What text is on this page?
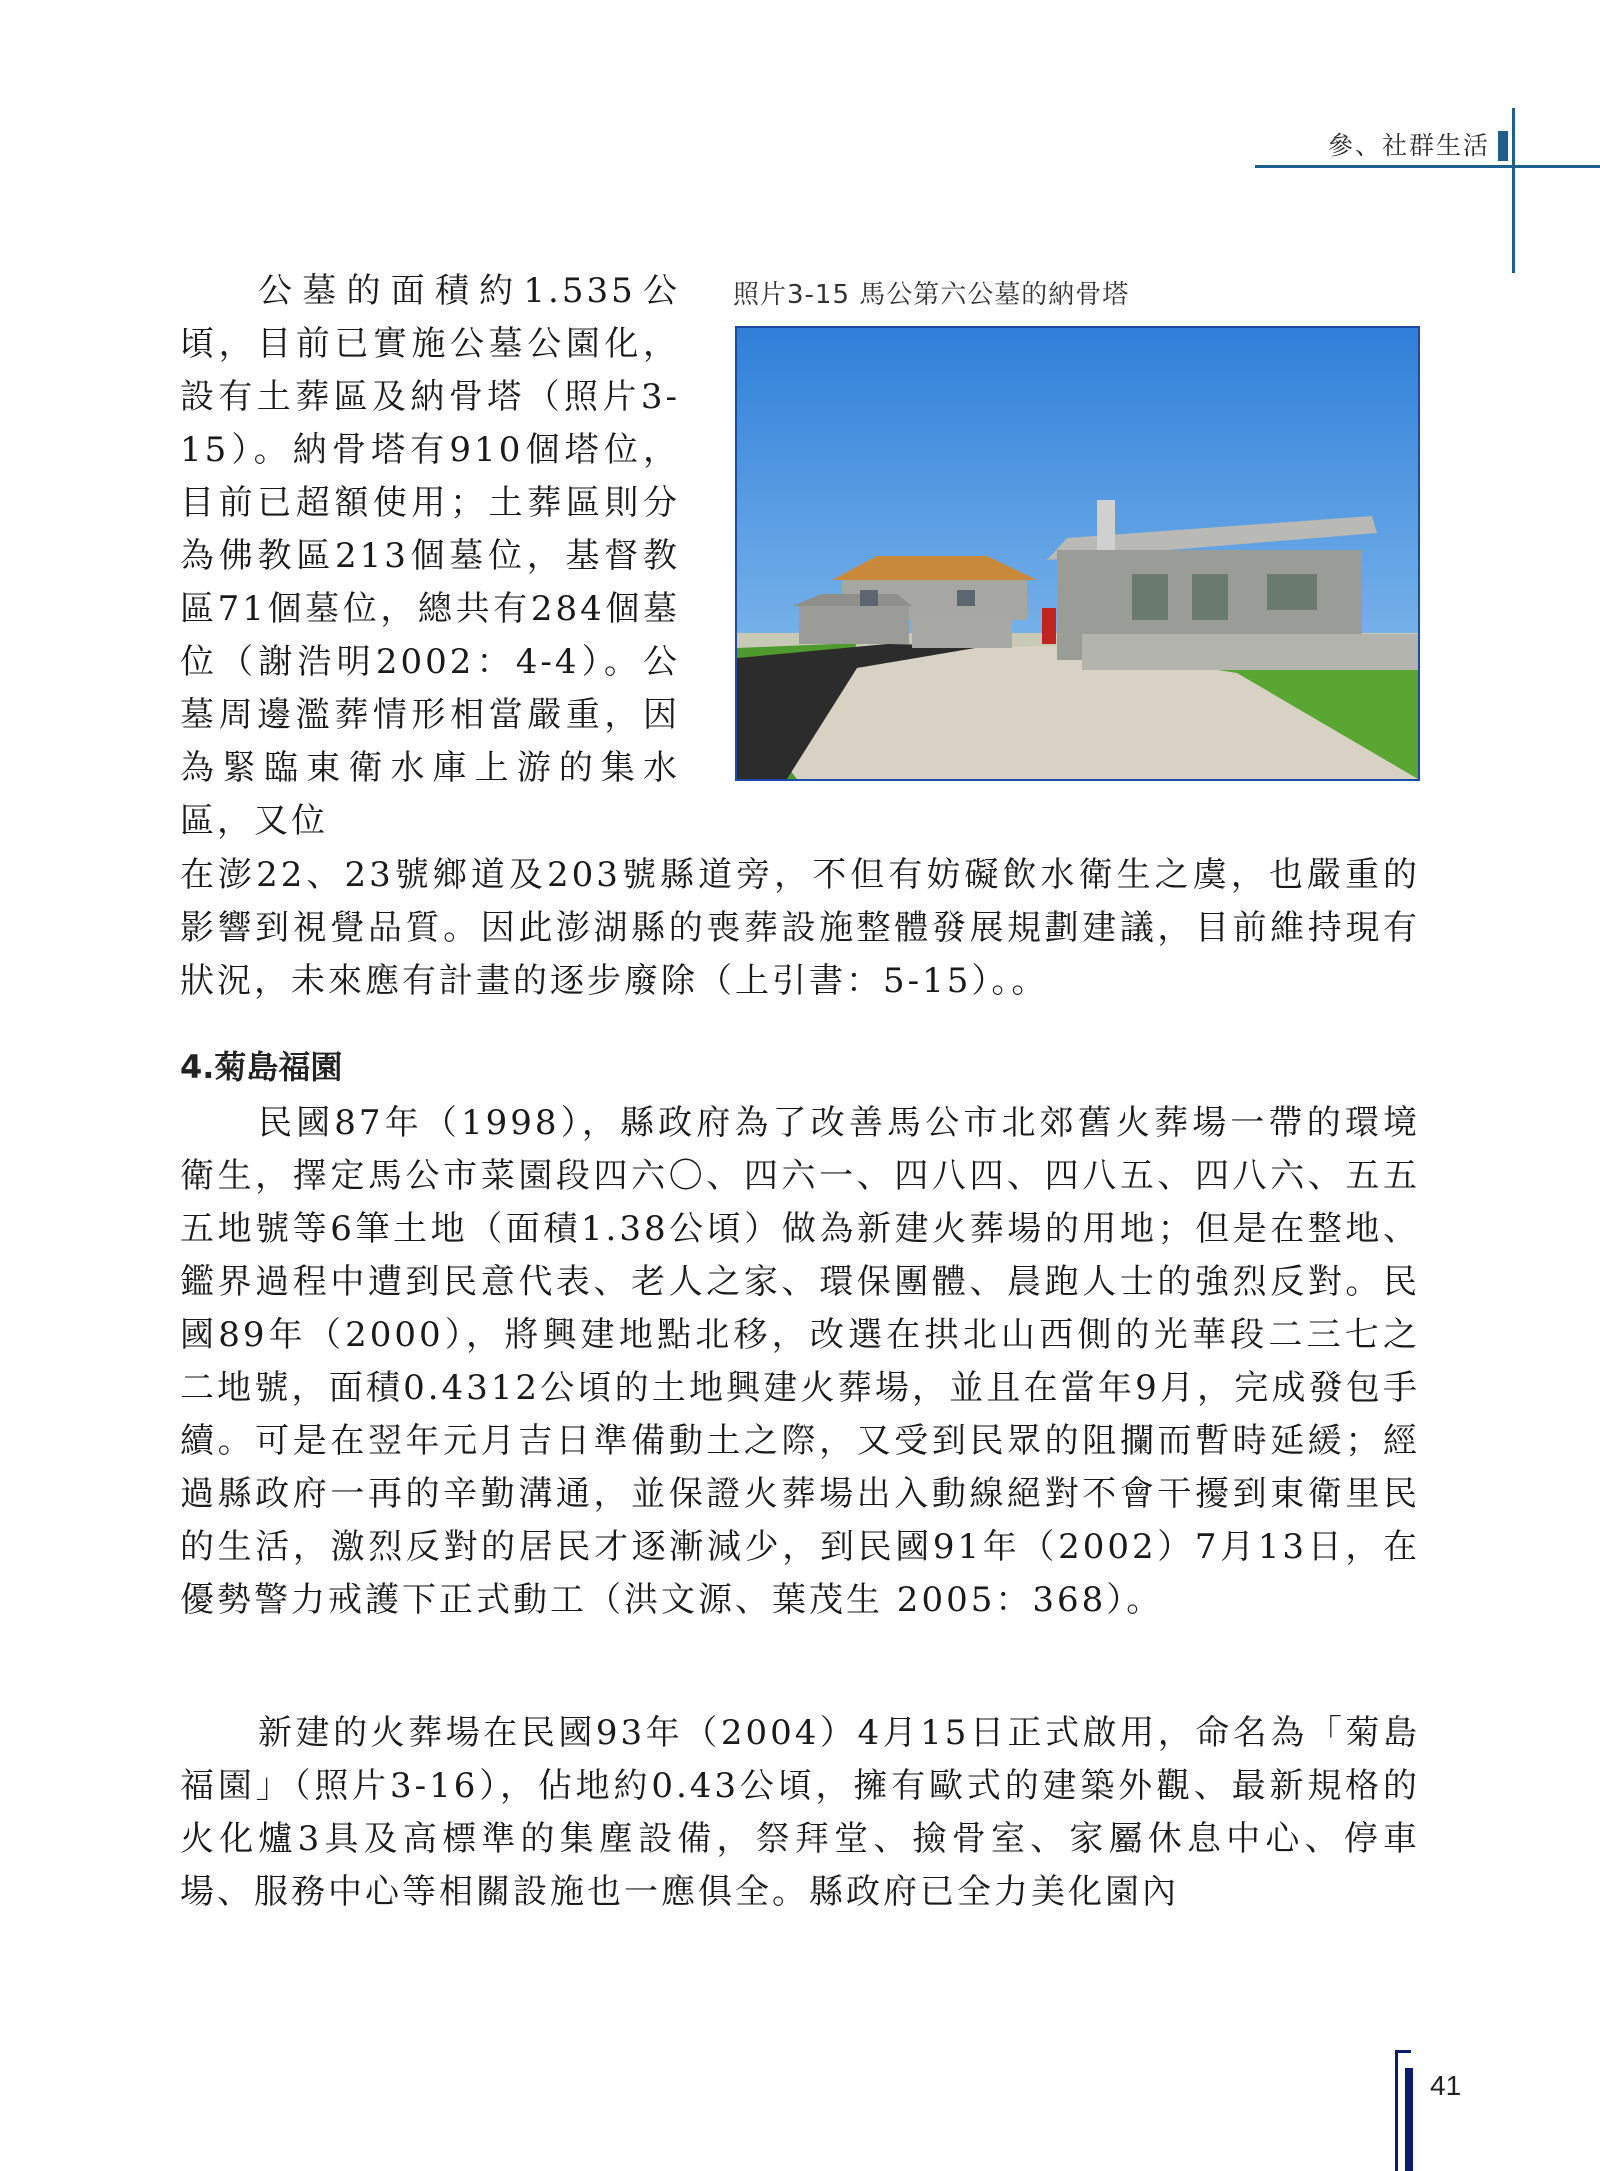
參、社群生活

公墓的面積約1.535公頃，目前已實施公墓公園化，設有土葬區及納骨塔（照片3-15）。納骨塔有910個塔位，目前已超額使用；土葬區則分為佛教區213個墓位，基督教區71個墓位，總共有284個墓位（謝浩明2002：4-4）。公墓周邊濫葬情形相當嚴重，因為緊臨東衛水庫上游的集水區，又位

照片3-15 馬公第六公墓的納骨塔

在澎22、23號鄉道及203號縣道旁，不但有妨礙飲水衛生之虞，也嚴重的影響到視覺品質。因此澎湖縣的喪葬設施整體發展規劃建議，目前維持現有狀況，未來應有計畫的逐步廢除（上引書：5-15）。。

4.菊島福園

民國87年（1998），縣政府為了改善馬公市北郊舊火葬場一帶的環境衛生，擇定馬公市菜園段四六〇、四六一、四八四、四八五、四八六、五五五地號等6筆土地（面積1.38公頃）做為新建火葬場的用地；但是在整地、鑑界過程中遭到民意代表、老人之家、環保團體、晨跑人士的強烈反對。民國89年（2000），將興建地點北移，改選在拱北山西側的光華段二三七之二地號，面積0.4312公頃的土地興建火葬場，並且在當年9月，完成發包手續。可是在翌年元月吉日準備動土之際，又受到民眾的阻攔而暫時延緩；經過縣政府一再的辛勤溝通，並保證火葬場出入動線絕對不會干擾到東衛里民的生活，激烈反對的居民才逐漸減少，到民國91年（2002）7月13日，在優勢警力戒護下正式動工（洪文源、葉茂生 2005：368）。

新建的火葬場在民國93年（2004）4月15日正式啟用，命名為「菊島福園」（照片3-16），佔地約0.43公頃，擁有歐式的建築外觀、最新規格的火化爐3具及高標準的集塵設備，祭拜堂、撿骨室、家屬休息中心、停車場、服務中心等相關設施也一應俱全。縣政府已全力美化園內

41
